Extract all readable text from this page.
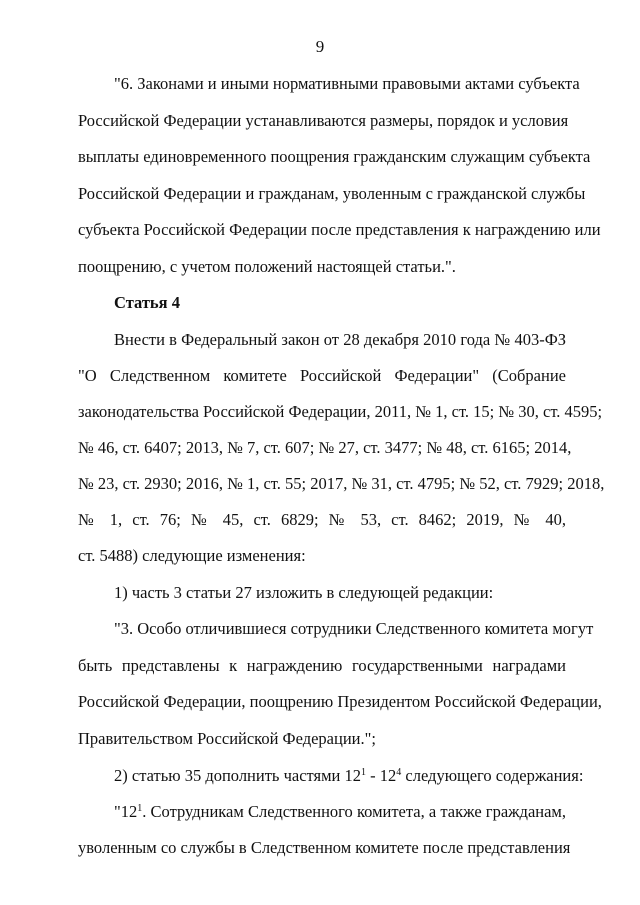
9
"6. Законами и иными нормативными правовыми актами субъекта
Российской Федерации устанавливаются размеры, порядок и условия
выплаты единовременного поощрения гражданским служащим субъекта
Российской Федерации и гражданам, уволенным с гражданской службы
субъекта Российской Федерации после представления к награждению или
поощрению, с учетом положений настоящей статьи.".
Статья 4
Внести в Федеральный закон от 28 декабря 2010 года № 403-ФЗ
"О Следственном комитете Российской Федерации" (Собрание
законодательства Российской Федерации, 2011, № 1, ст. 15; № 30, ст. 4595;
№ 46, ст. 6407; 2013, № 7, ст. 607; № 27, ст. 3477; № 48, ст. 6165; 2014,
№ 23, ст. 2930; 2016, № 1, ст. 55; 2017, № 31, ст. 4795; № 52, ст. 7929; 2018,
№ 1, ст. 76; № 45, ст. 6829; № 53, ст. 8462; 2019, № 40,
ст. 5488) следующие изменения:
1) часть 3 статьи 27 изложить в следующей редакции:
"3. Особо отличившиеся сотрудники Следственного комитета могут
быть представлены к награждению государственными наградами
Российской Федерации, поощрению Президентом Российской Федерации,
Правительством Российской Федерации.";
2) статью 35 дополнить частями $12^1 - 12^4$ следующего содержания:
"$12^1$. Сотрудникам Следственного комитета, а также гражданам,
уволенным со службы в Следственном комитете после представления
